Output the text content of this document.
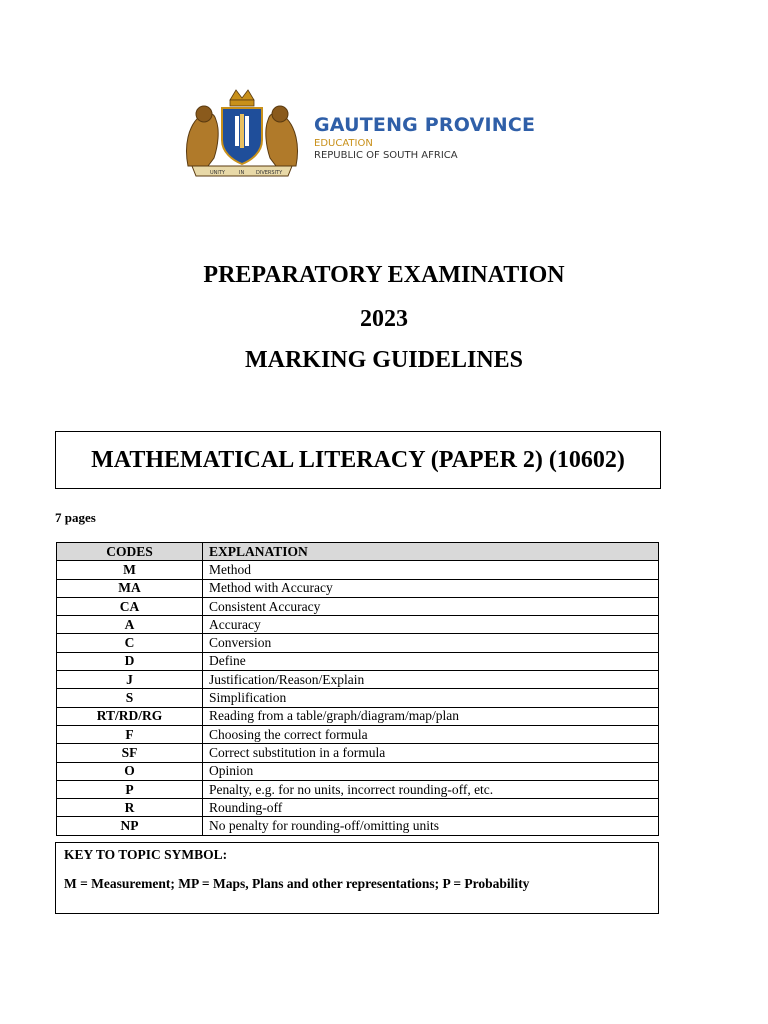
UNITY	IN DIVERSITY
GAUTENG PROVINCE
EDUCATION
REPUBLIC OF SOUTH AFRICA
PREPARATORY EXAMINATION
2023
MARKING GUIDELINES
MATHEMATICAL LITERACY (PAPER 2) (10602)
7 pages
CODES	EXPLANATION
M	Method
MA	Method with Accuracy
CA	Consistent Accuracy
A	Accuracy
C	Conversion
D	Define
J	Justification/Reason/Explain
S	Simplification
RT/RD/RG	Reading from a table/graph/diagram/map/plan
F	Choosing the correct formula
SF	Correct substitution in a formula
O	Opinion
P	Penalty, e.g. for no units, incorrect rounding-off, etc.
R	Rounding-off
NP	No penalty for rounding-off/omitting units
KEY TO TOPIC SYMBOL:
M = Measurement; MP = Maps, Plans and other representations; P = Probability
